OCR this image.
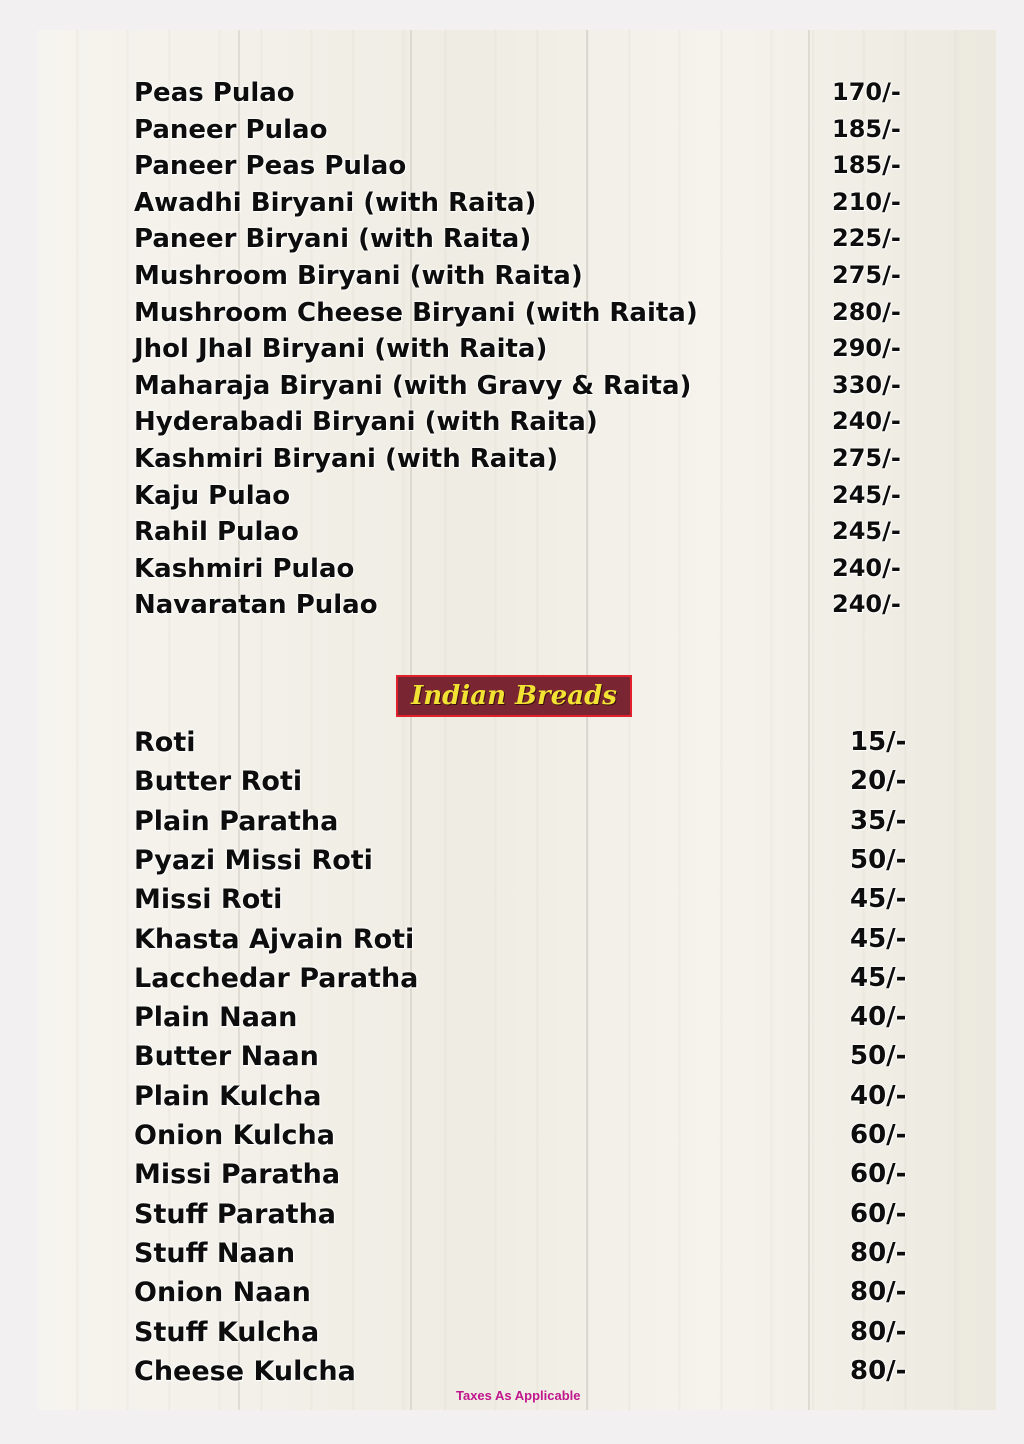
Peas Pulao	170/-
Paneer Pulao	185/-
Paneer Peas Pulao	185/-
Awadhi Biryani (with Raita)	210/-
Paneer Biryani (with Raita)	225/-
Mushroom Biryani (with Raita)	275/-
Mushroom Cheese Biryani (with Raita)	280/-
Jhol Jhal Biryani (with Raita)	290/-
Maharaja Biryani (with Gravy & Raita)	330/-
Hyderabadi Biryani (with Raita)	240/-
Kashmiri Biryani (with Raita)	275/-
Kaju Pulao	245/-
Rahil Pulao	245/-
Kashmiri Pulao	240/-
Navaratan Pulao	240/-
Indian Breads
Roti	15/-
Butter Roti	20/-
Plain Paratha	35/-
Pyazi Missi Roti	50/-
Missi Roti	45/-
Khasta Ajvain Roti	45/-
Lacchedar Paratha	45/-
Plain Naan	40/-
Butter Naan	50/-
Plain Kulcha	40/-
Onion Kulcha	60/-
Missi Paratha	60/-
Stuff Paratha	60/-
Stuff Naan	80/-
Onion Naan	80/-
Stuff Kulcha	80/-
Cheese Kulcha	80/-
Taxes As Applicable
